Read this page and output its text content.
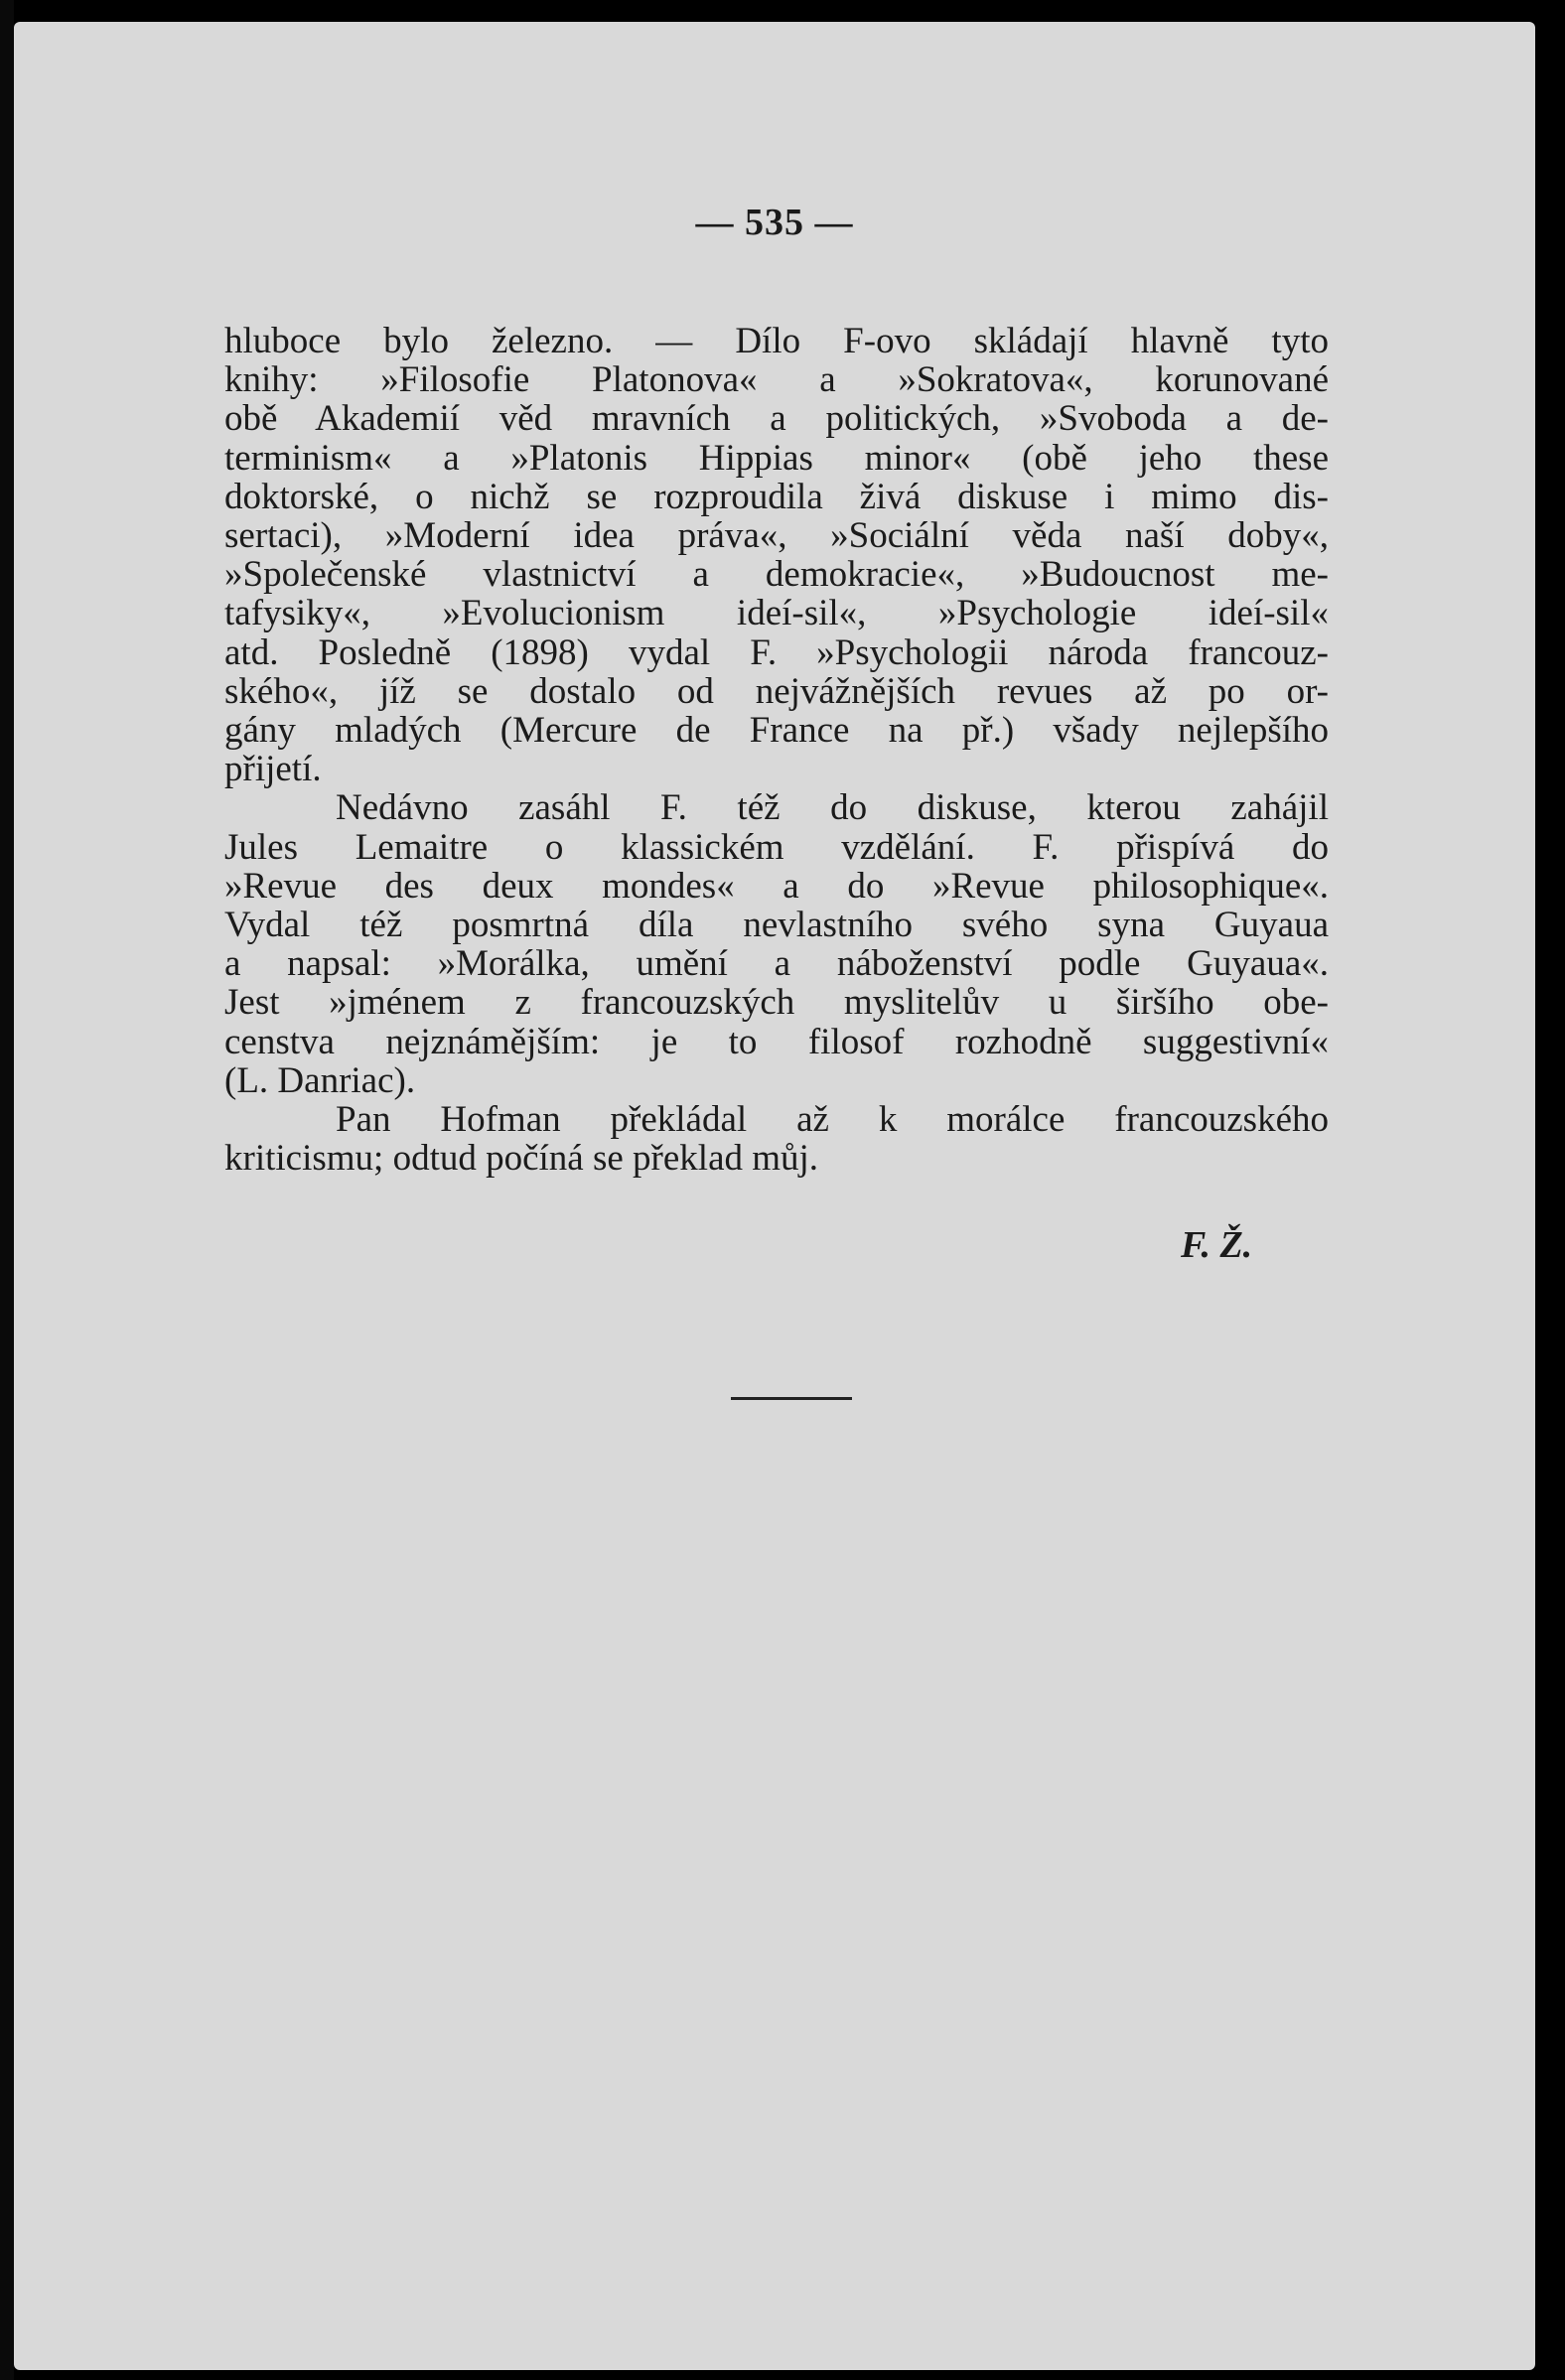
— 535 —
hluboce bylo železno. — Dílo F-ovo skládají hlavně tyto
knihy: »Filosofie Platonova« a »Sokratova«, korunované
obě Akademií věd mravních a politických, »Svoboda a de-
terminism« a »Platonis Hippias minor« (obě jeho these
doktorské, o nichž se rozproudila živá diskuse i mimo dis-
sertaci), »Moderní idea práva«, »Sociální věda naší doby«,
»Společenské vlastnictví a demokracie«, »Budoucnost me-
tafysiky«, »Evolucionism ideí-sil«, »Psychologie ideí-sil«
atd. Posledně (1898) vydal F. »Psychologii národa francouz-
ského«, jíž se dostalo od nejvážnějších revues až po or-
gány mladých (Mercure de France na př.) všady nejlepšího
přijetí.
Nedávno zasáhl F. též do diskuse, kterou zahájil
Jules Lemaitre o klassickém vzdělání. F. přispívá do
»Revue des deux mondes« a do »Revue philosophique«.
Vydal též posmrtná díla nevlastního svého syna Guyaua
a napsal: »Morálka, umění a náboženství podle Guyaua«.
Jest »jménem z francouzských myslitelův u širšího obe-
censtva nejznámějším: je to filosof rozhodně suggestivní«
(L. Danriac).
Pan Hofman překládal až k morálce francouzského
kriticismu; odtud počíná se překlad můj.
F. Ž.
